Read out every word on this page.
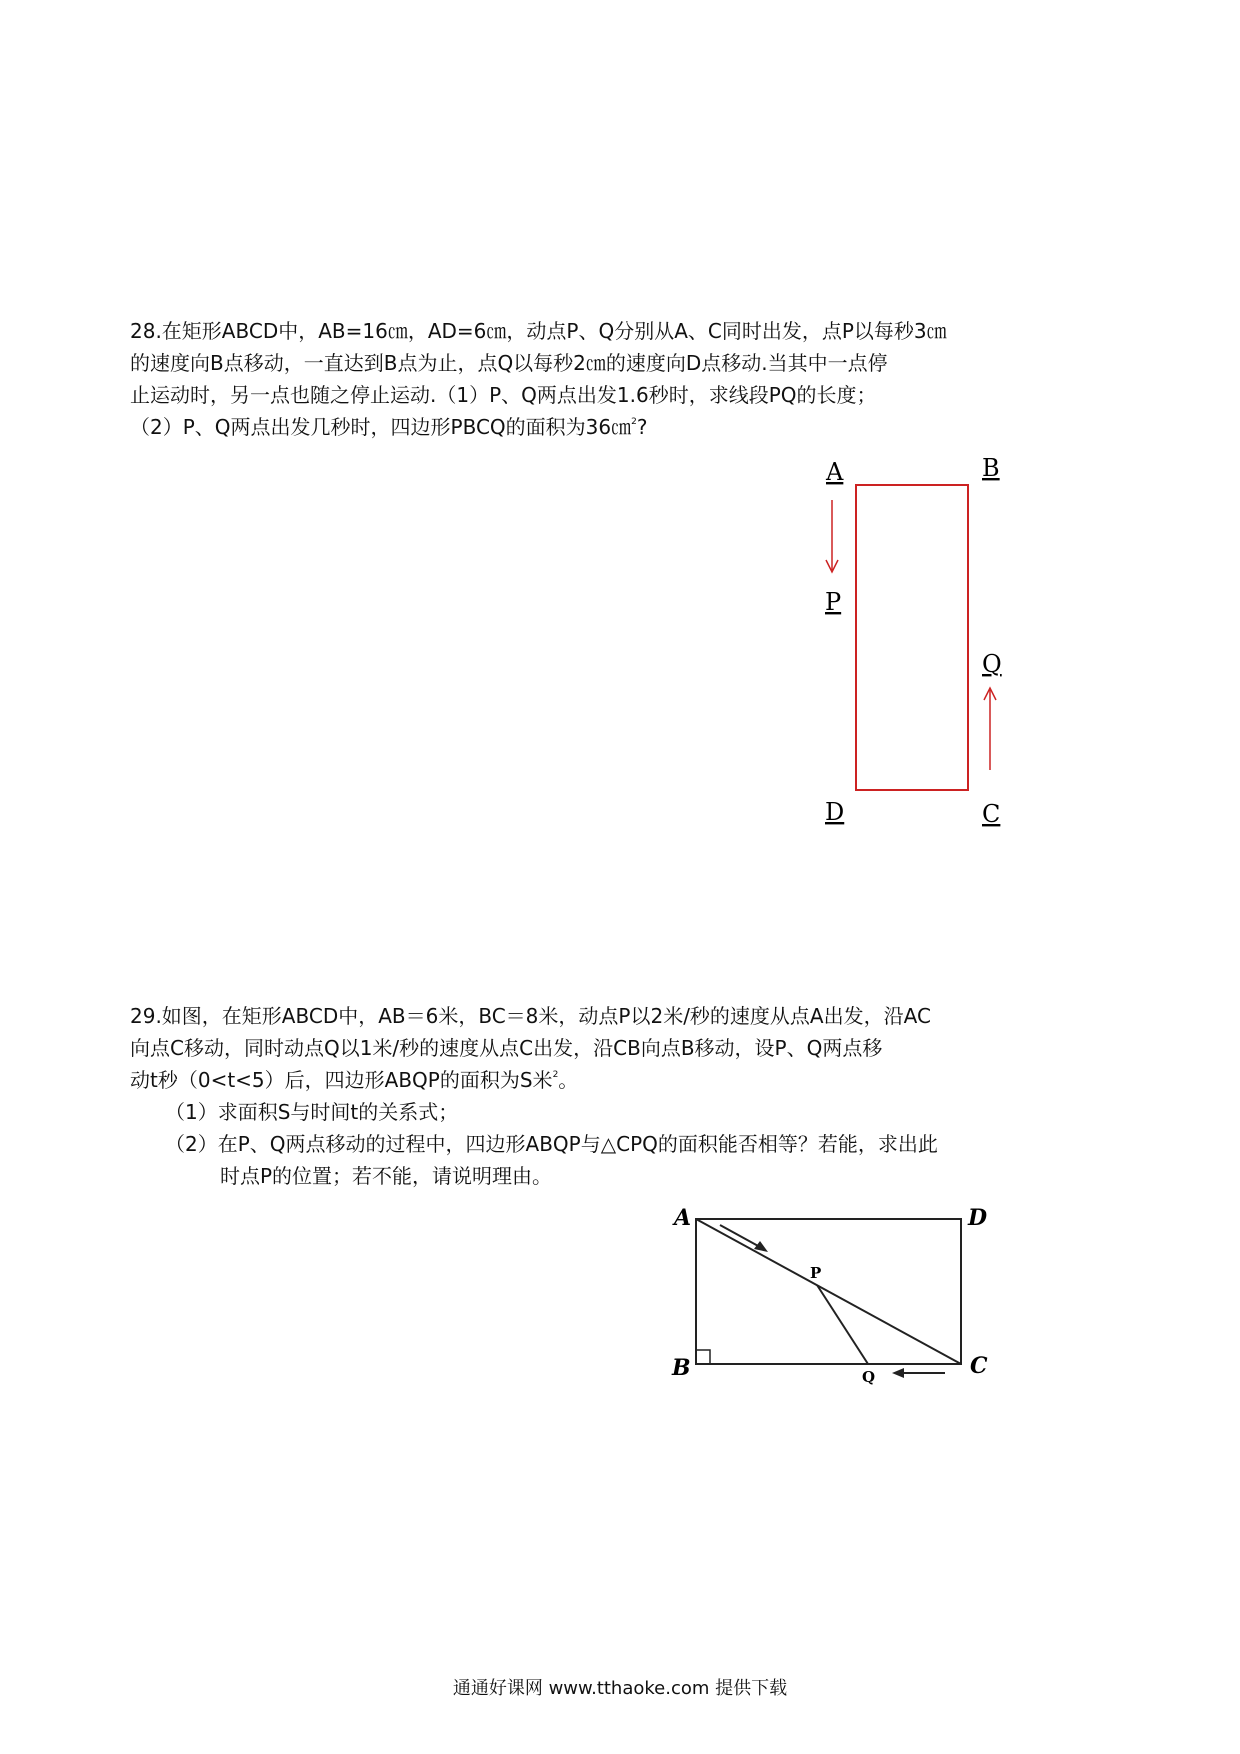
28.在矩形ABCD中，AB=16㎝，AD=6㎝，动点P、Q分别从A、C同时出发，点P以每秒3㎝

的速度向B点移动，一直达到B点为止，点Q以每秒2㎝的速度向D点移动.当其中一点停

止运动时，另一点也随之停止运动.（1）P、Q两点出发1.6秒时，求线段PQ的长度；

（2）P、Q两点出发几秒时，四边形PBCQ的面积为36㎝$^2$?

A	B
P
Q
D	C

29.如图，在矩形ABCD中，AB＝6米，BC＝8米，动点P以2米/秒的速度从点A出发，沿AC

向点C移动，同时动点Q以1米/秒的速度从点C出发，沿CB向点B移动，设P、Q两点移

动t秒（0<t<5）后，四边形ABQP的面积为S米$^2$。

（1）求面积S与时间t的关系式；
（2）在P、Q两点移动的过程中，四边形ABQP与△CPQ的面积能否相等？若能，求出此
时点P的位置；若不能，请说明理由。
A	D
B	C
P
Q
通通好课网 www.tthaoke.com 提供下载
